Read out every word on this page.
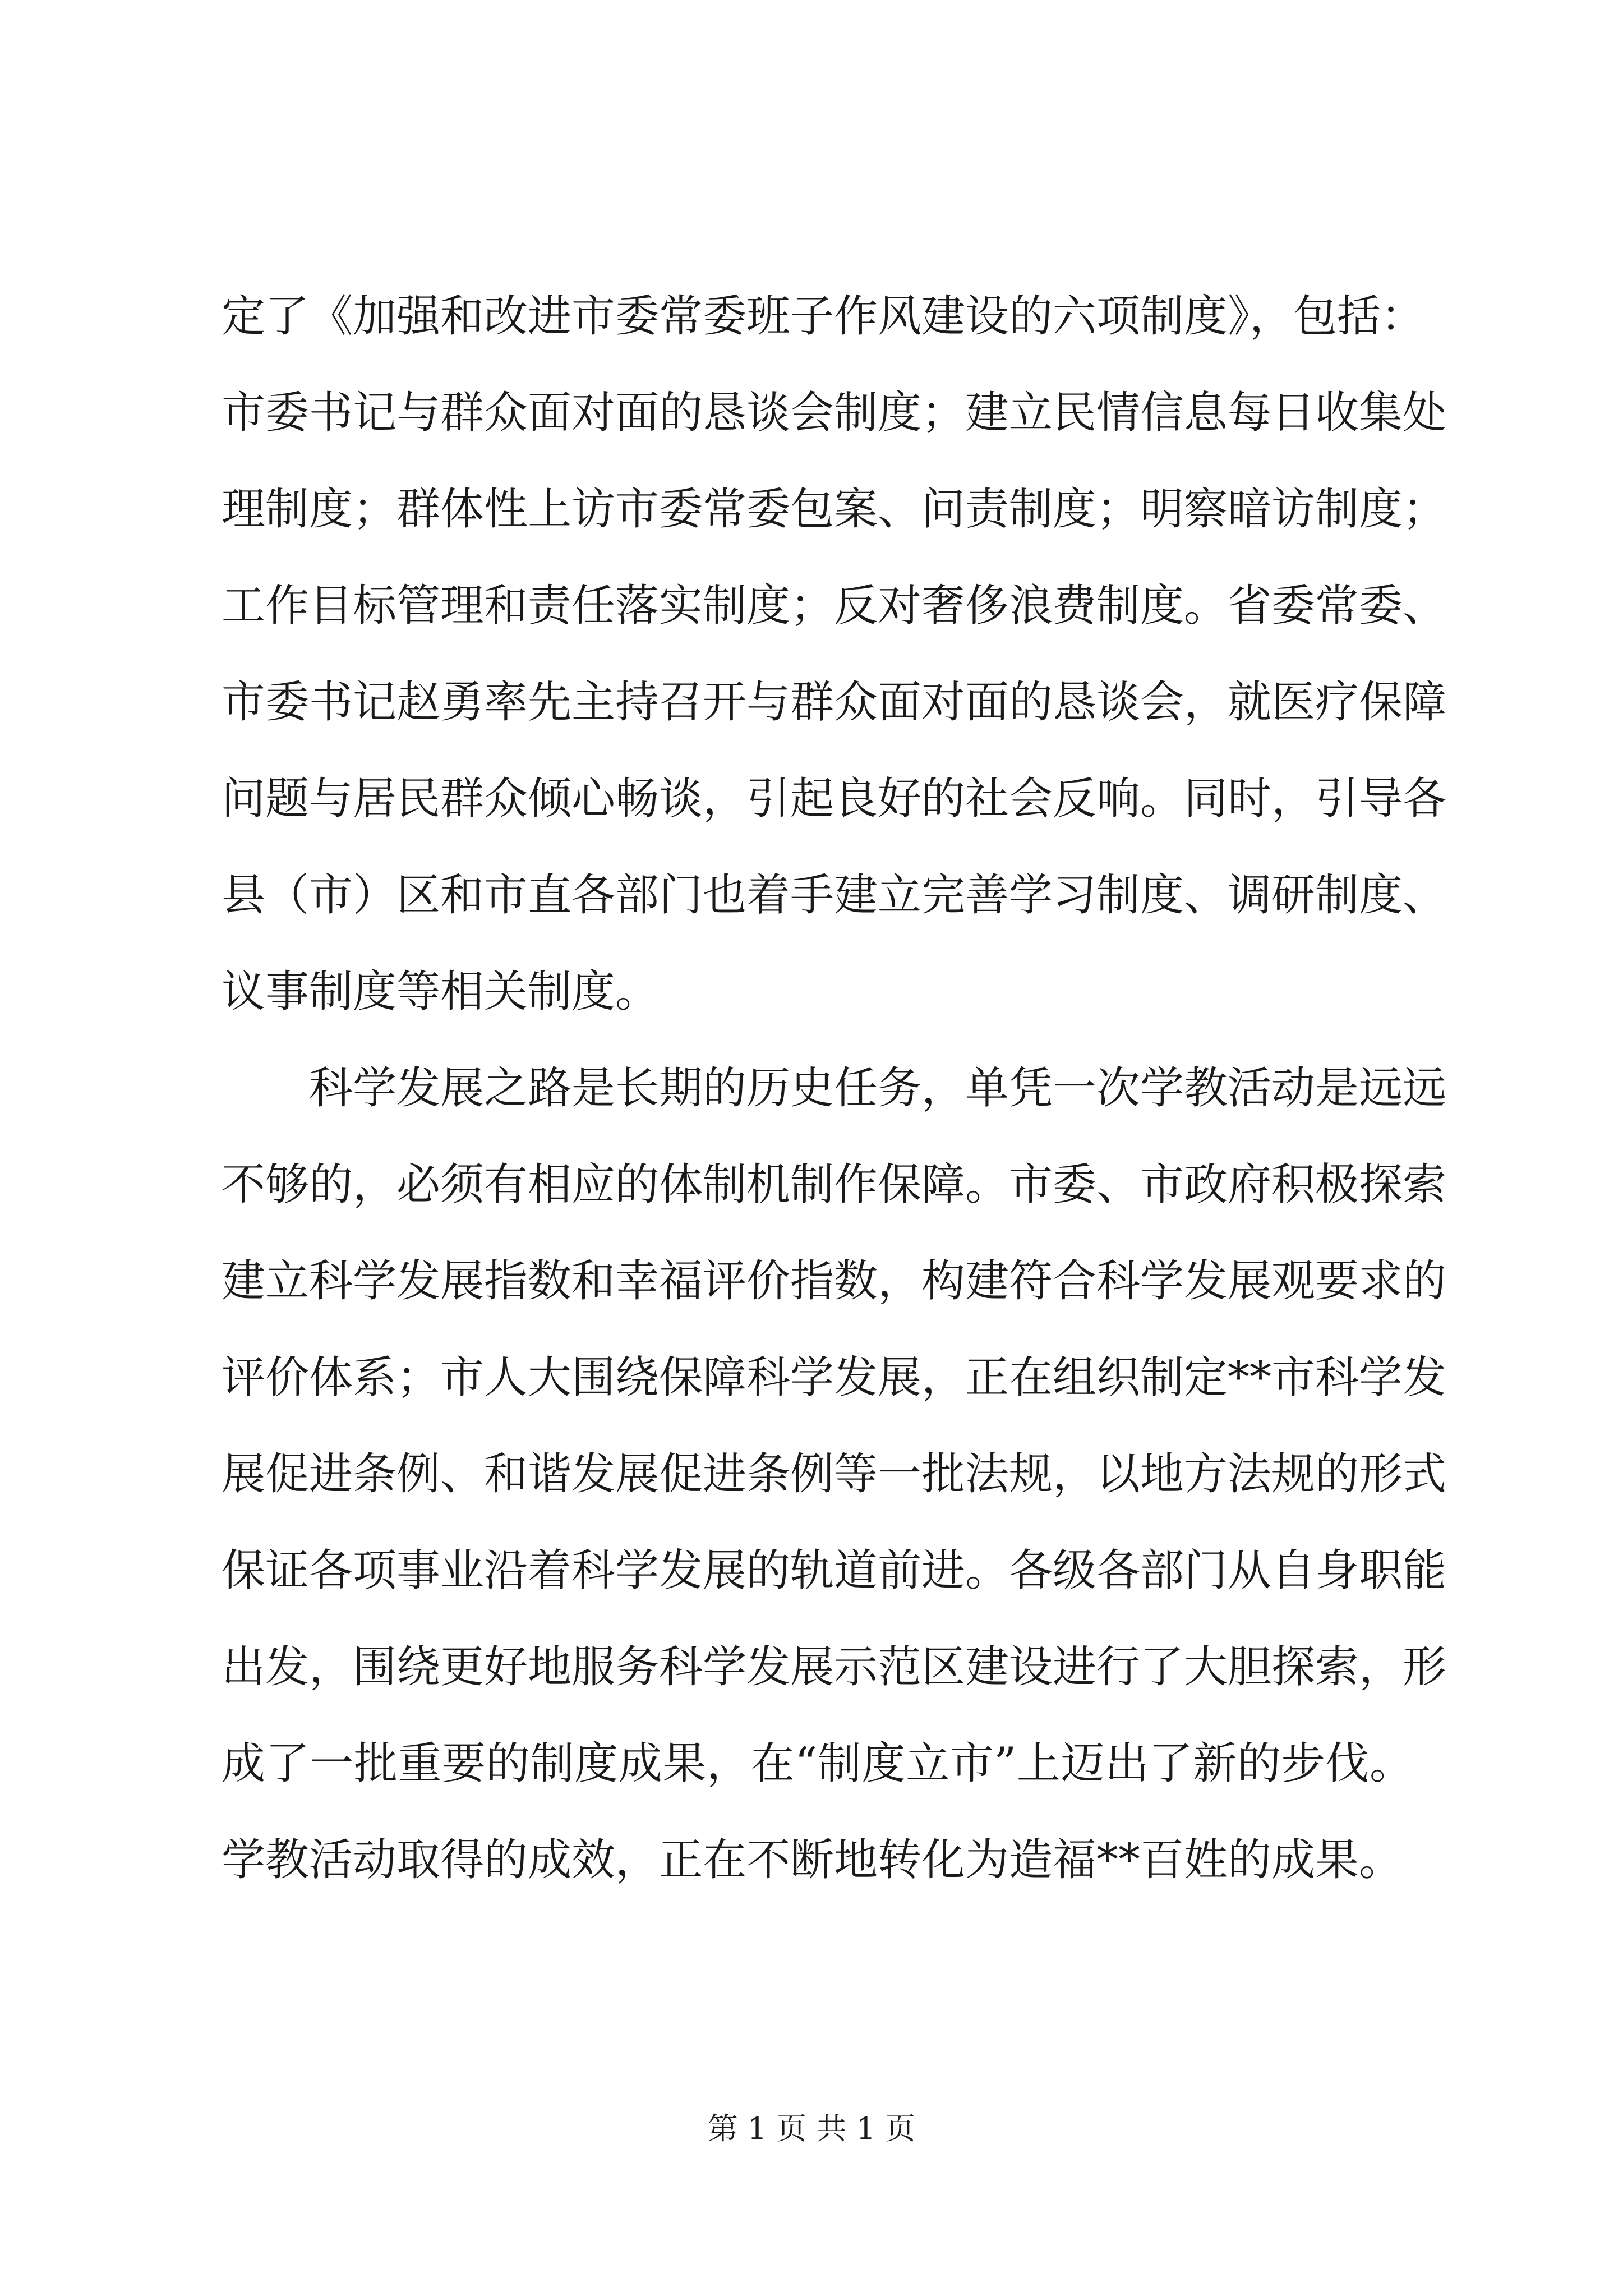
定了《加强和改进市委常委班子作风建设的六项制度》，包括：
市委书记与群众面对面的恳谈会制度；建立民情信息每日收集处
理制度；群体性上访市委常委包案、问责制度；明察暗访制度；
工作目标管理和责任落实制度；反对奢侈浪费制度。省委常委、
市委书记赵勇率先主持召开与群众面对面的恳谈会，就医疗保障
问题与居民群众倾心畅谈，引起良好的社会反响。同时，引导各
县（市）区和市直各部门也着手建立完善学习制度、调研制度、
议事制度等相关制度。
科学发展之路是长期的历史任务，单凭一次学教活动是远远
不够的，必须有相应的体制机制作保障。市委、市政府积极探索
建立科学发展指数和幸福评价指数，构建符合科学发展观要求的
评价体系；市人大围绕保障科学发展，正在组织制定**市科学发
展促进条例、和谐发展促进条例等一批法规，以地方法规的形式
保证各项事业沿着科学发展的轨道前进。各级各部门从自身职能
出发，围绕更好地服务科学发展示范区建设进行了大胆探索，形
成了一批重要的制度成果，在“制度立市”上迈出了新的步伐。
学教活动取得的成效，正在不断地转化为造福**百姓的成果。
第 1 页 共 1 页
